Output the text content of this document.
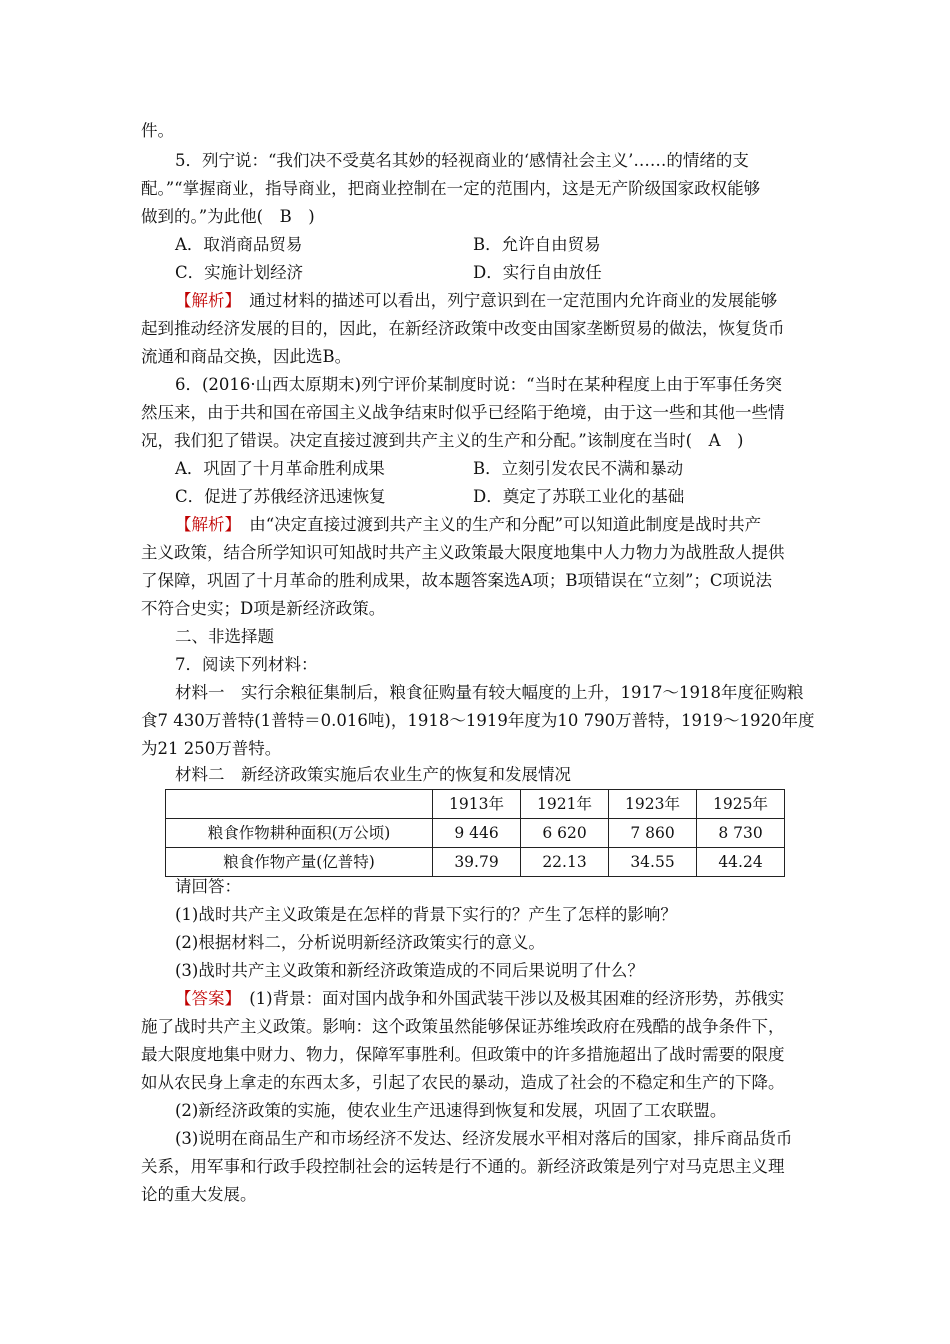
件。
5．列宁说：“我们决不受莫名其妙的轻视商业的‘感情社会主义’……的情绪的支
配。”“掌握商业，指导商业，把商业控制在一定的范围内，这是无产阶级国家政权能够
做到的。”为此他(　B　)
A．取消商品贸易	B．允许自由贸易
C．实施计划经济	D．实行自由放任
【解析】　通过材料的描述可以看出，列宁意识到在一定范围内允许商业的发展能够
起到推动经济发展的目的，因此，在新经济政策中改变由国家垄断贸易的做法，恢复货币
流通和商品交换，因此选B。
6．(2016·山西太原期末)列宁评价某制度时说：“当时在某种程度上由于军事任务突
然压来，由于共和国在帝国主义战争结束时似乎已经陷于绝境，由于这一些和其他一些情
况，我们犯了错误。决定直接过渡到共产主义的生产和分配。”该制度在当时(　A　)
A．巩固了十月革命胜利成果	B．立刻引发农民不满和暴动
C．促进了苏俄经济迅速恢复	D．奠定了苏联工业化的基础
【解析】　由“决定直接过渡到共产主义的生产和分配”可以知道此制度是战时共产
主义政策，结合所学知识可知战时共产主义政策最大限度地集中人力物力为战胜敌人提供
了保障，巩固了十月革命的胜利成果，故本题答案选A项；B项错误在“立刻”；C项说法
不符合史实；D项是新经济政策。
二、非选择题
7．阅读下列材料：
材料一　实行余粮征集制后，粮食征购量有较大幅度的上升，1917～1918年度征购粮
食7 430万普特(1普特＝0.016吨)，1918～1919年度为10 790万普特，1919～1920年度
为21 250万普特。
材料二　新经济政策实施后农业生产的恢复和发展情况
	1913年	1921年	1923年	1925年
粮食作物耕种面积(万公顷)	9 446	6 620	7 860	8 730
粮食作物产量(亿普特)	39.79	22.13	34.55	44.24
请回答：
(1)战时共产主义政策是在怎样的背景下实行的？产生了怎样的影响？
(2)根据材料二，分析说明新经济政策实行的意义。
(3)战时共产主义政策和新经济政策造成的不同后果说明了什么？
【答案】　(1)背景：面对国内战争和外国武装干涉以及极其困难的经济形势，苏俄实
施了战时共产主义政策。影响：这个政策虽然能够保证苏维埃政府在残酷的战争条件下，
最大限度地集中财力、物力，保障军事胜利。但政策中的许多措施超出了战时需要的限度
如从农民身上拿走的东西太多，引起了农民的暴动，造成了社会的不稳定和生产的下降。
(2)新经济政策的实施，使农业生产迅速得到恢复和发展，巩固了工农联盟。
(3)说明在商品生产和市场经济不发达、经济发展水平相对落后的国家，排斥商品货币
关系，用军事和行政手段控制社会的运转是行不通的。新经济政策是列宁对马克思主义理
论的重大发展。
